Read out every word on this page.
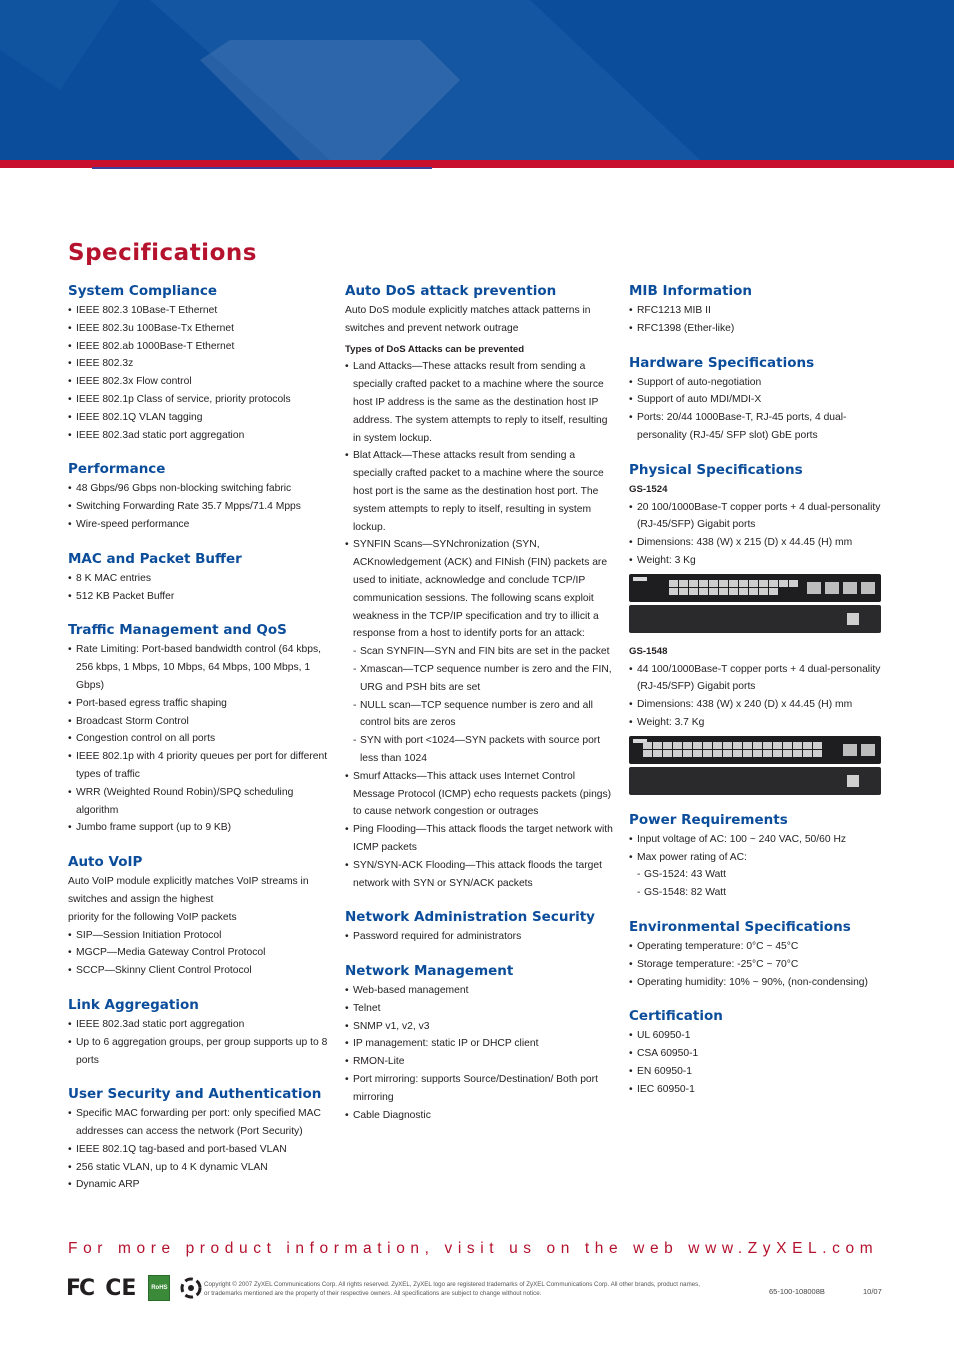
Specifications
System Compliance
• IEEE 802.3 10Base-T Ethernet
• IEEE 802.3u 100Base-Tx Ethernet
• IEEE 802.ab 1000Base-T Ethernet
• IEEE 802.3z
• IEEE 802.3x Flow control
• IEEE 802.1p Class of service, priority protocols
• IEEE 802.1Q VLAN tagging
• IEEE 802.3ad static port aggregation
Performance
• 48 Gbps/96 Gbps non-blocking switching fabric
• Switching Forwarding Rate 35.7 Mpps/71.4 Mpps
• Wire-speed performance
MAC and Packet Buffer
• 8 K MAC entries
• 512 KB Packet Buffer
Traffic Management and QoS
• Rate Limiting: Port-based bandwidth control (64 kbps, 256 kbps, 1 Mbps, 10 Mbps, 64 Mbps, 100 Mbps, 1 Gbps)
• Port-based egress traffic shaping
• Broadcast Storm Control
• Congestion control on all ports
• IEEE 802.1p with 4 priority queues per port for different types of traffic
• WRR (Weighted Round Robin)/SPQ scheduling algorithm
• Jumbo frame support (up to 9 KB)
Auto VoIP
Auto VoIP module explicitly matches VoIP streams in switches and assign the highest
priority for the following VoIP packets
• SIP—Session Initiation Protocol
• MGCP—Media Gateway Control Protocol
• SCCP—Skinny Client Control Protocol
Link Aggregation
• IEEE 802.3ad static port aggregation
• Up to 6 aggregation groups, per group supports up to 8 ports
User Security and Authentication
• Specific MAC forwarding per port: only specified MAC addresses can access the network (Port Security)
• IEEE 802.1Q tag-based and port-based VLAN
• 256 static VLAN, up to 4 K dynamic VLAN
• Dynamic ARP
Auto DoS attack prevention
Auto DoS module explicitly matches attack patterns in switches and prevent network outrage
Types of DoS Attacks can be prevented
• Land Attacks—These attacks result from sending a specially crafted packet to a machine where the source host IP address is the same as the destination host IP address. The system attempts to reply to itself, resulting in system lockup.
• Blat Attack—These attacks result from sending a specially crafted packet to a machine where the source host port is the same as the destination host port. The system attempts to reply to itself, resulting in system lockup.
• SYNFIN Scans—SYNchronization (SYN, ACKnowledgement (ACK) and FINish (FIN) packets are used to initiate, acknowledge and conclude TCP/IP communication sessions. The following scans exploit weakness in the TCP/IP specification and try to illicit a response from a host to identify ports for an attack:
- Scan SYNFIN—SYN and FIN bits are set in the packet
- Xmascan—TCP sequence number is zero and the FIN, URG and PSH bits are set
- NULL scan—TCP sequence number is zero and all control bits are zeros
- SYN with port <1024—SYN packets with source port less than 1024
• Smurf Attacks—This attack uses Internet Control Message Protocol (ICMP) echo requests packets (pings) to cause network congestion or outrages
• Ping Flooding—This attack floods the target network with ICMP packets
• SYN/SYN-ACK Flooding—This attack floods the target network with SYN or SYN/ACK packets
Network Administration Security
• Password required for administrators
Network Management
• Web-based management
• Telnet
• SNMP v1, v2, v3
• IP management: static IP or DHCP client
• RMON-Lite
• Port mirroring: supports Source/Destination/ Both port mirroring
• Cable Diagnostic
MIB Information
• RFC1213 MIB II
• RFC1398 (Ether-like)
Hardware Specifications
• Support of auto-negotiation
• Support of auto MDI/MDI-X
• Ports: 20/44 1000Base-T, RJ-45 ports, 4 dual-personality (RJ-45/ SFP slot) GbE ports
Physical Specifications
GS-1524
• 20 100/1000Base-T copper ports + 4 dual-personality (RJ-45/SFP) Gigabit ports
• Dimensions: 438 (W) x 215 (D) x 44.45 (H) mm
• Weight: 3 Kg
GS-1548
• 44 100/1000Base-T copper ports + 4 dual-personality (RJ-45/SFP) Gigabit ports
• Dimensions: 438 (W) x 240 (D) x 44.45 (H) mm
• Weight: 3.7 Kg
Power Requirements
• Input voltage of AC: 100 ~ 240 VAC, 50/60 Hz
• Max power rating of AC:
- GS-1524: 43 Watt
- GS-1548: 82 Watt
Environmental Specifications
• Operating temperature: 0°C ~ 45°C
• Storage temperature: -25°C ~ 70°C
• Operating humidity: 10% ~ 90%, (non-condensing)
Certification
• UL 60950-1
• CSA 60950-1
• EN 60950-1
• IEC 60950-1
For more product information, visit us on the web www.ZyXEL.com
FC CE	RoHS	Copyright © 2007 ZyXEL Communications Corp. All rights reserved. ZyXEL, ZyXEL logo are registered trademarks of ZyXEL Communications Corp. All other brands, product names, or trademarks mentioned are the property of their respective owners. All specifications are subject to change without notice.	65-100-108008B	10/07
